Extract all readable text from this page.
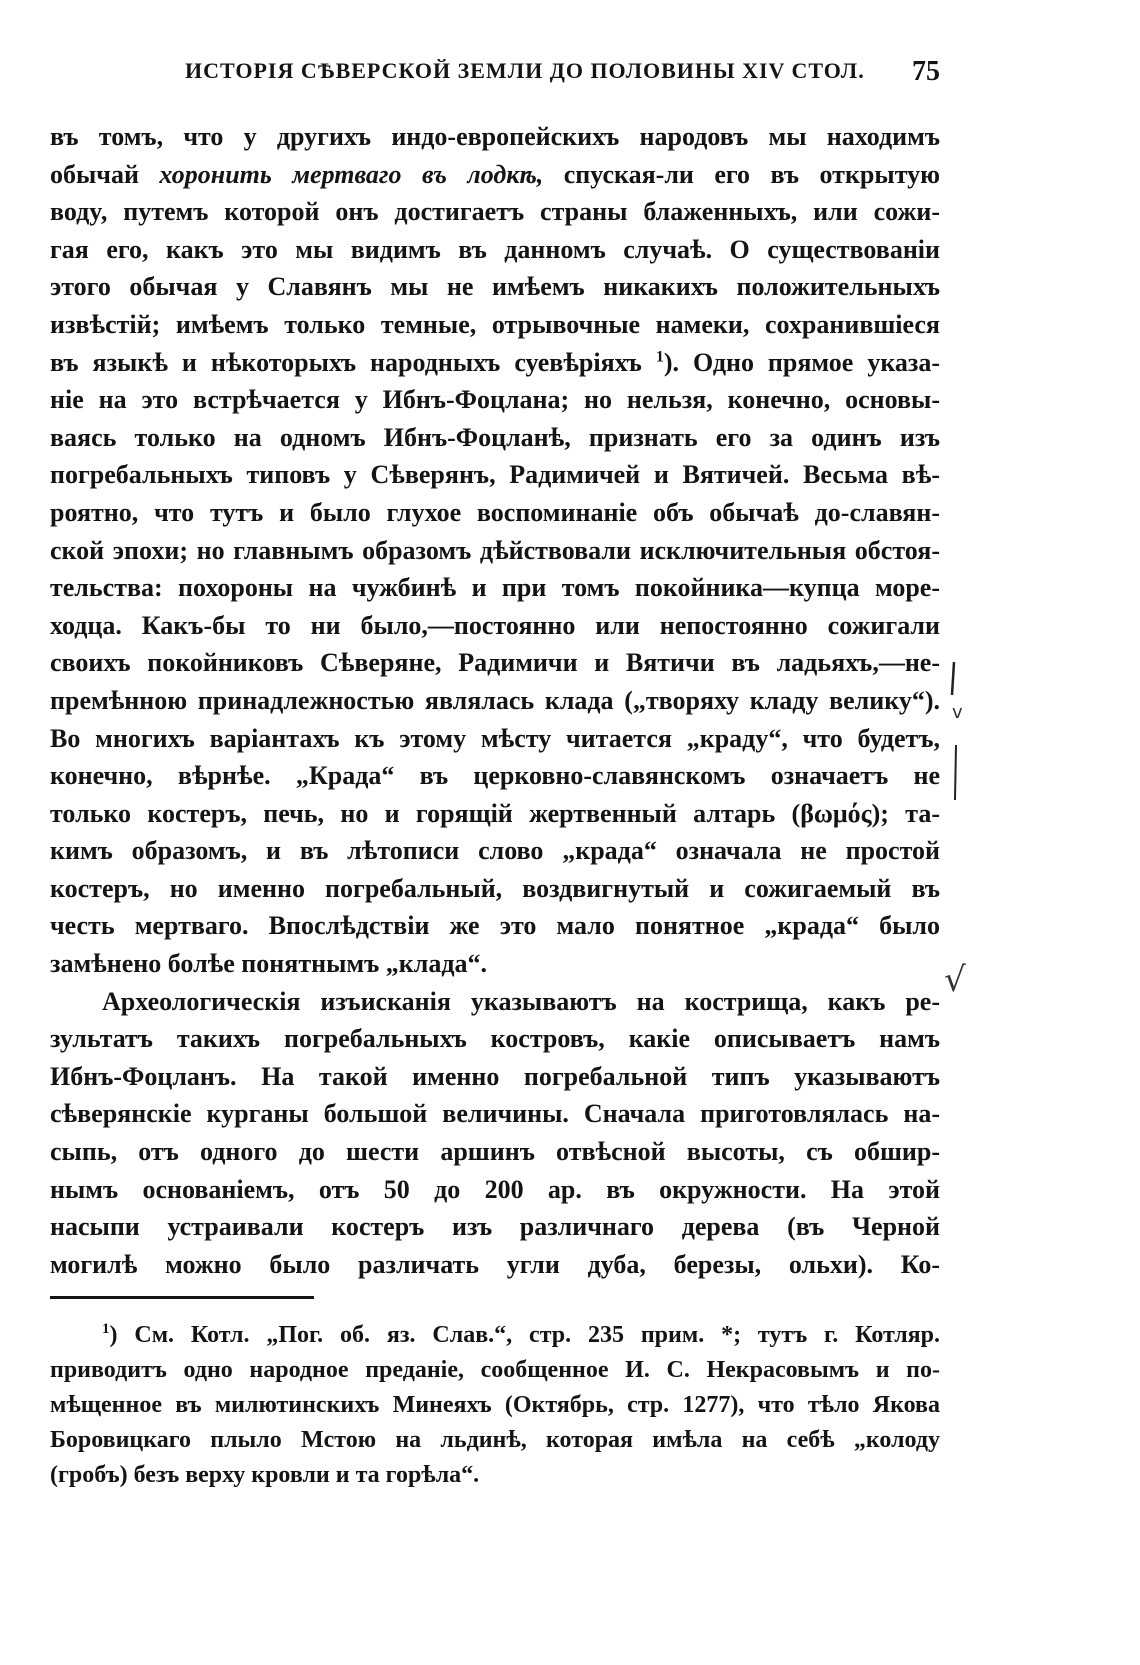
ИСТОРІЯ СѢВЕРСКОЙ ЗЕМЛИ ДО ПОЛОВИНЫ XIV СТОЛ. 75
въ томъ, что у другихъ индо-европейскихъ народовъ мы находимъ
обычай хоронить мертваго въ лодкѣ, спуская-ли его въ открытую
водy, путемъ которой онъ достигаетъ страны блаженныхъ, или сожи-
гая его, какъ это мы видимъ въ данномъ случаѣ. О существованіи
этого обычая у Славянъ мы не имѣемъ никакихъ положительныхъ
извѣстій; имѣемъ только темные, отрывочные намеки, сохранившіеся
въ языкѣ и нѣкоторыхъ народныхъ суевѣріяхъ $^1$). Одно прямое указа-
ніе на это встрѣчается у Ибнъ-Фоцлана; но нельзя, конечно, основы-
ваясь только на одномъ Ибнъ-Фоцланѣ, признать его за одинъ изъ
погребальныхъ типовъ у Сѣверянъ, Радимичей и Вятичей. Весьма вѣ-
роятно, что тутъ и было глухое воспоминаніе объ обычаѣ до-славян-
ской эпохи; но главнымъ образомъ дѣйствовали исключительныя обстоя-
тельства: похороны на чужбинѣ и при томъ покойника—купца море-
ходца. Какъ-бы то ни было,—постоянно или непостоянно сожигали
своихъ покойниковъ Сѣверяне, Радимичи и Вятичи въ ладьяхъ,—не-
премѣнною принадлежностью являлась клада („творяху кладу велику“).
Во многихъ варіантахъ къ этому мѣсту читается „краду“, что будетъ,
конечно, вѣрнѣе. „Крада“ въ церковно-славянскомъ означаетъ не
только костеръ, печь, но и горящій жертвенный алтарь (βωμός); та-
кимъ образомъ, и въ лѣтописи слово „крада“ означала не простой
костеръ, но именно погребальный, воздвигнутый и сожигаемый въ
честь мертваго. Впослѣдствіи же это мало понятное „крада“ было
замѣнено болѣе понятнымъ „клада“.
Археологическія изъисканія указываютъ на кострища, какъ ре-
зультатъ такихъ погребальныхъ костровъ, какіе описываетъ намъ
Ибнъ-Фоцланъ. На такой именно погребальной типъ указываютъ
сѣверянскіе курганы большой величины. Сначала приготовлялась на-
сыпь, отъ одного до шести аршинъ отвѣсной высоты, съ обшир-
нымъ основаніемъ, отъ 50 до 200 ар. въ окружности. На этой
насыпи устраивали костеръ изъ различнаго дерева (въ Черной
могилѣ можно было различать угли дуба, березы, ольхи). Ко-
v
√
$^1$) См. Котл. „Пог. об. яз. Слав.“, стр. 235 прим. *; тутъ г. Котляр.
приводитъ одно народное преданіе, сообщенное И. С. Некрасовымъ и по-
мѣщенное въ милютинскихъ Минеяхъ (Октябрь, стр. 1277), что тѣло Якова
Боровицкаго плыло Мстою на льдинѣ, которая имѣла на себѣ „колоду
(гробъ) безъ верху кровли и та горѣла“.
